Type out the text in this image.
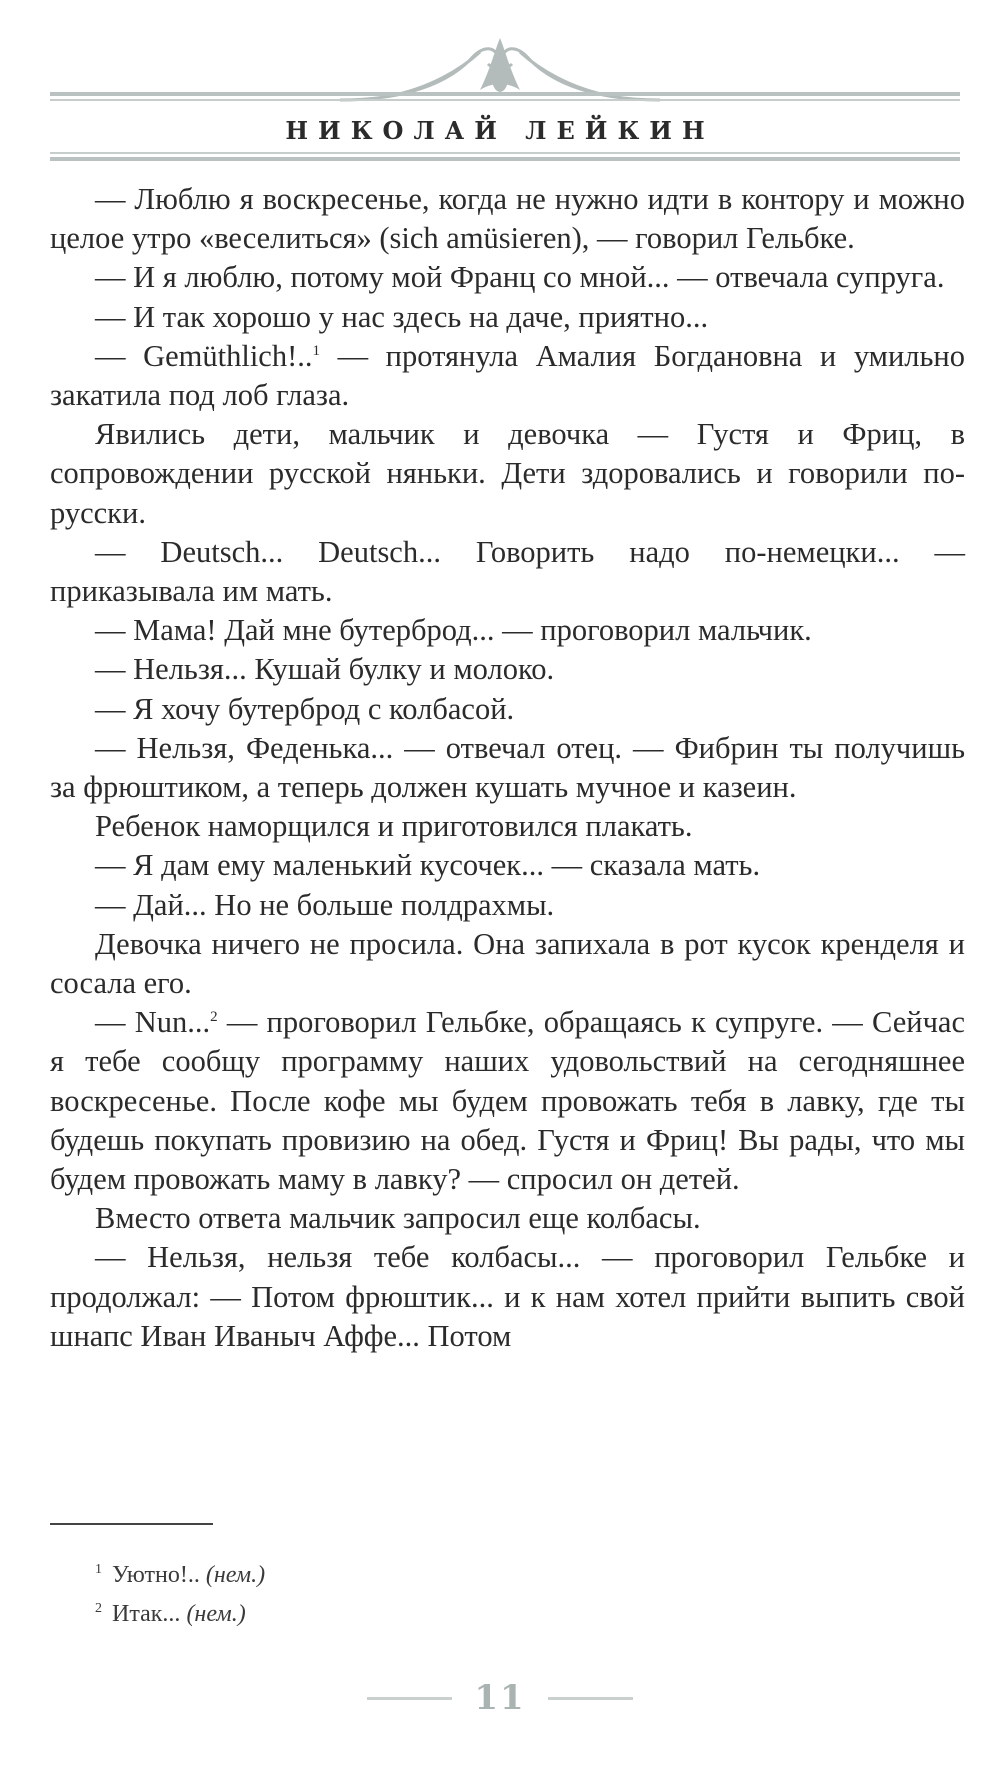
НИКОЛАЙ ЛЕЙКИН

— Люблю я воскресенье, когда не нужно идти в контору и можно целое утро «веселиться» (sich amüsieren), — говорил Гельбке.

— И я люблю, потому мой Франц со мной... — отвечала супруга.

— И так хорошо у нас здесь на даче, приятно...

— Gemüthlich!..$^1$ — протянула Амалия Богдановна и умильно закатила под лоб глаза.

Явились дети, мальчик и девочка — Густя и Фриц, в сопровождении русской няньки. Дети здоровались и говорили по-русски.

— Deutsch... Deutsch... Говорить надо по-немецки... — приказывала им мать.

— Мама! Дай мне бутерброд... — проговорил мальчик.

— Нельзя... Кушай булку и молоко.

— Я хочу бутерброд с колбасой.

— Нельзя, Феденька... — отвечал отец. — Фибрин ты получишь за фрюштиком, а теперь должен кушать мучное и казеин.

Ребенок наморщился и приготовился плакать.

— Я дам ему маленький кусочек... — сказала мать.

— Дай... Но не больше полдрахмы.

Девочка ничего не просила. Она запихала в рот кусок кренделя и сосала его.

— Nun...$^2$ — проговорил Гельбке, обращаясь к супруге. — Сейчас я тебе сообщу программу наших удовольствий на сегодняшнее воскресенье. После кофе мы будем провожать тебя в лавку, где ты будешь покупать провизию на обед. Густя и Фриц! Вы рады, что мы будем провожать маму в лавку? — спросил он детей.

Вместо ответа мальчик запросил еще колбасы.

— Нельзя, нельзя тебе колбасы... — проговорил Гельбке и продолжал: — Потом фрюштик... и к нам хотел прийти выпить свой шнапс Иван Иваныч Аффе... Потом

$^1$ Уютно!.. (нем.)
$^2$ Итак... (нем.)
11
